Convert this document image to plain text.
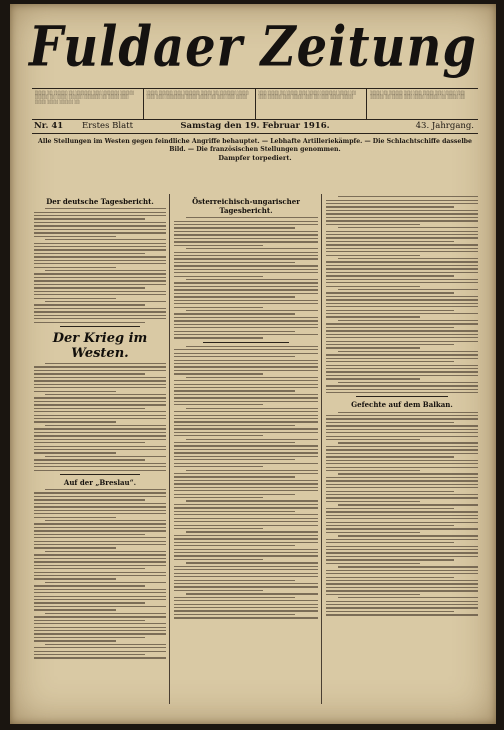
Fuldaer Zeitung
░░░░ ░░ ░░░░░ ░░ ░░░░░░ ░░░ ░░░░░░ ░░░░░ ░░░░░ ░░ ░░░░ ░░░░░ ░░░░░░ ░░ ░░░░ ░░░ ░░░░ ░░░░ ░░░░░ ░░
░░░░ ░░░░░ ░░░ ░░░░░░ ░░░░ ░░ ░░░░░░ ░░░░ ░░░ ░░░ ░░░░░░░ ░░░░ ░░░░ ░░ ░░░ ░░░ ░░░░
░░░ ░░░░ ░░ ░░░░ ░░░ ░░░░ ░░░░░░ ░░░░ ░░ ░░░ ░░░░░ ░░░ ░░░░ ░░░ ░░ ░░░ ░░░░ ░░░░
░░░░ ░░ ░░░░░ ░░░ ░░░ ░░░░ ░░░ ░░░░ ░░░ ░░░░░ ░░ ░░░░ ░░░ ░░░░ ░░░░░ ░░ ░░░░ ░░
Nr. 41 Erstes Blatt	Samstag den 19. Februar 1916.	43. Jahrgang.
Alle Stellungen im Westen gegen feindliche Angriffe behauptet. — Lebhafte Artilleriekämpfe. — Die Schlachtschiffe dasselbe Bild. — Die französischen Stellungen genommen.
Dampfer torpediert.
Der deutsche Tagesbericht.
Der Krieg im Westen.
Auf der „Breslau“.
Österreichisch-ungarischer Tagesbericht.
Gefechte auf dem Balkan.
